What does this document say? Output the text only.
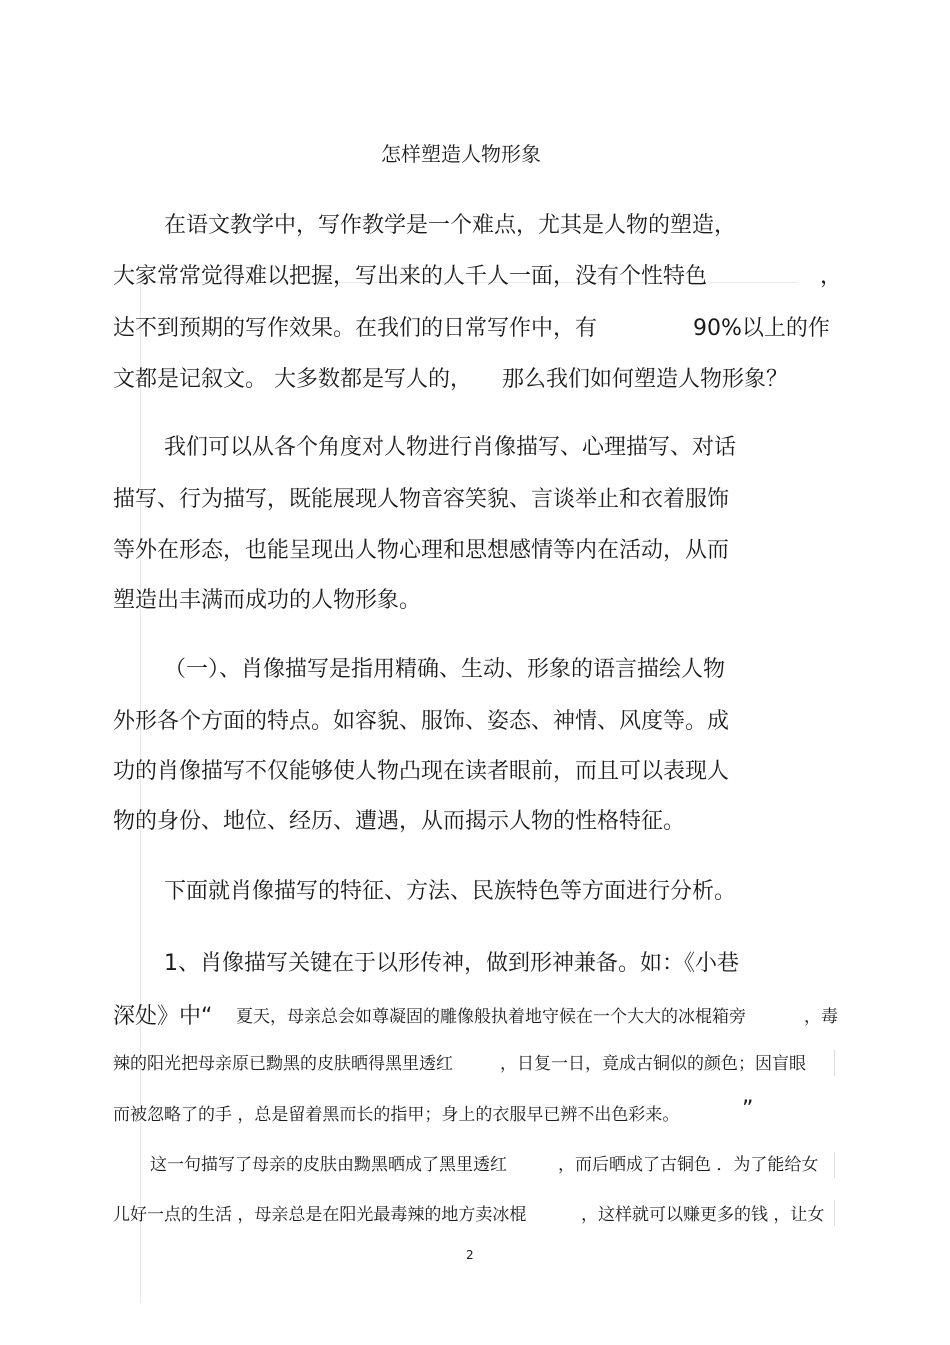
怎样塑造人物形象
在语文教学中，写作教学是一个难点，尤其是人物的塑造，
大家常常觉得难以把握，写出来的人千人一面，没有个性特色	，
达不到预期的写作效果。在我们的日常写作中，有	90%以上的作
文都是记叙文。 大多数都是写人的， 那么我们如何塑造人物形象？
我们可以从各个角度对人物进行肖像描写、心理描写、对话
描写、行为描写，既能展现人物音容笑貌、言谈举止和衣着服饰
等外在形态，也能呈现出人物心理和思想感情等内在活动，从而
塑造出丰满而成功的人物形象。
（一）、肖像描写是指用精确、生动、形象的语言描绘人物
外形各个方面的特点。如容貌、服饰、姿态、神情、风度等。成
功的肖像描写不仅能够使人物凸现在读者眼前，而且可以表现人
物的身份、地位、经历、遭遇，从而揭示人物的性格特征。
下面就肖像描写的特征、方法、民族特色等方面进行分析。
1、肖像描写关键在于以形传神，做到形神兼备。如：《小巷
深处》中“ 夏天，母亲总会如尊凝固的雕像般执着地守候在一个大大的冰棍箱旁	，毒
辣的阳光把母亲原已黝黑的皮肤晒得黑里透红	，日复一日，竟成古铜似的颜色；因盲眼
而被忽略了的手 ，总是留着黑而长的指甲；身上的衣服早已辨不出色彩来。	”
这一句描写了母亲的皮肤由黝黑晒成了黑里透红	，而后晒成了古铜色 ．为了能给女
儿好一点的生活 ，母亲总是在阳光最毒辣的地方卖冰棍	，这样就可以赚更多的钱 ，让女
2
